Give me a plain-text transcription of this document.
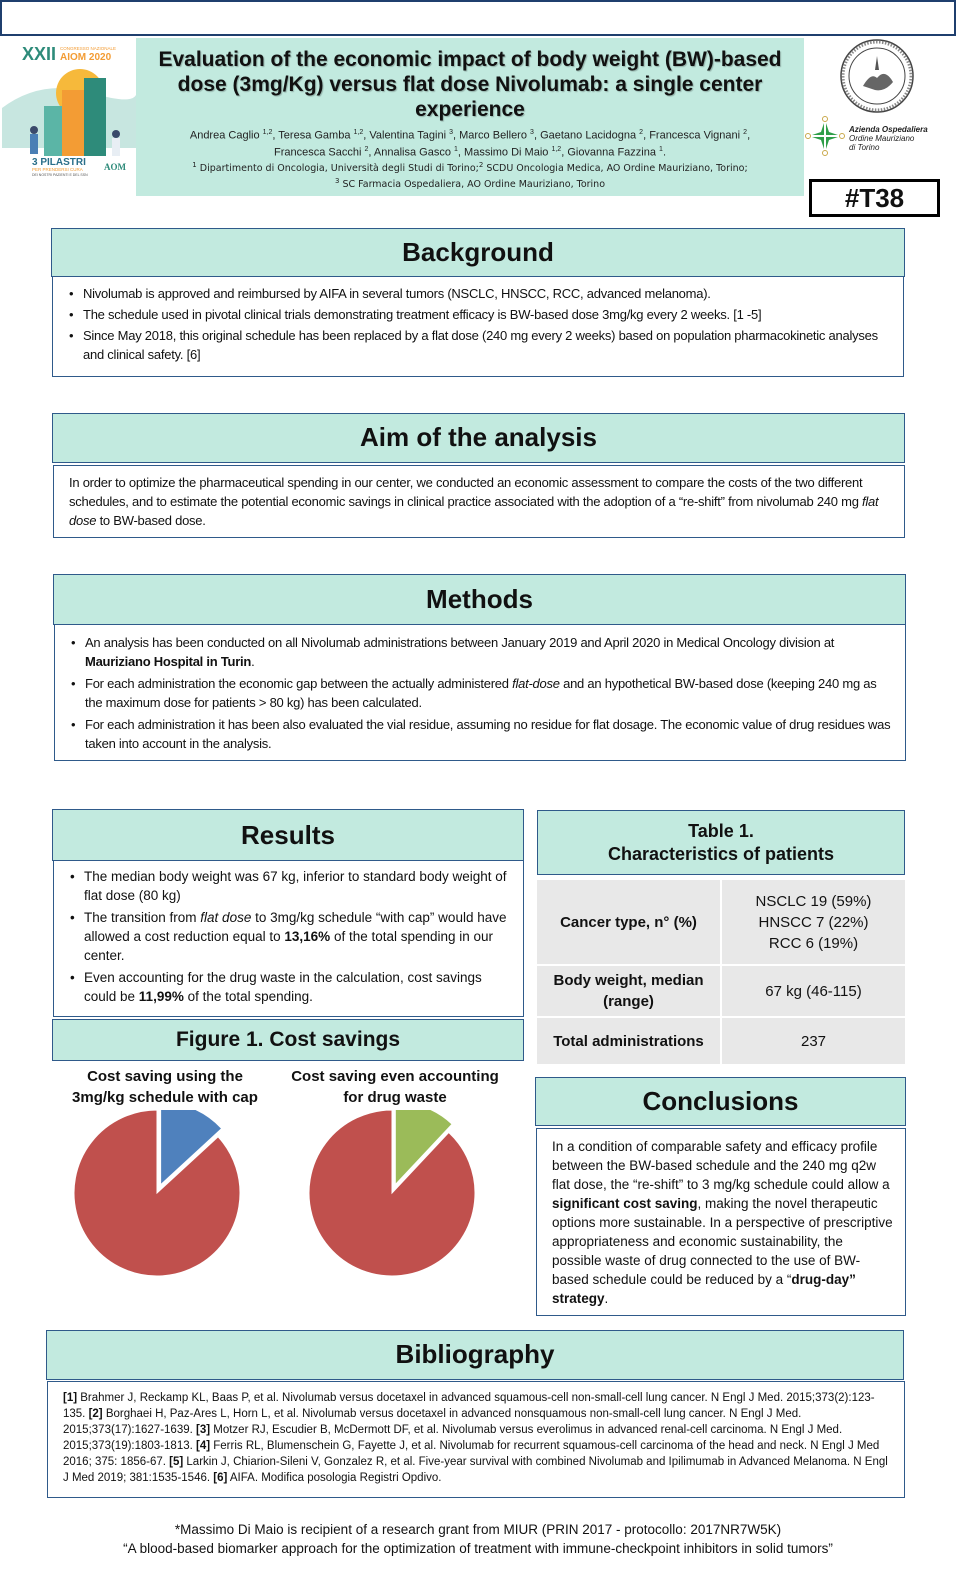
XXII CONGRESSO NAZIONALE
AIOM 2020
3 PILASTRI
PER PRENDERSI CURA
DEI NOSTRI PAZIENTI E DEL SSN
AOM
Evaluation of the economic impact of body weight (BW)-based dose (3mg/Kg) versus flat dose Nivolumab: a single center experience
Andrea Caglio $^{1,2}$, Teresa Gamba $^{1,2}$, Valentina Tagini $^3$, Marco Bellero $^3$, Gaetano Lacidogna $^2$, Francesca Vignani $^2$,
Francesca Sacchi $^2$, Annalisa Gasco $^1$, Massimo Di Maio $^{1,2}$, Giovanna Fazzina $^1$.
$^1$ Dipartimento di Oncologia, Università degli Studi di Torino;$^2$ SCDU Oncologia Medica, AO Ordine Mauriziano, Torino;
$^3$ SC Farmacia Ospedaliera, AO Ordine Mauriziano, Torino
Azienda Ospedaliera
Ordine Mauriziano
di Torino
#T38
Background
• Nivolumab is approved and reimbursed by AIFA in several tumors (NSCLC, HNSCC, RCC, advanced melanoma).
• The schedule used in pivotal clinical trials demonstrating treatment efficacy is BW-based dose 3mg/kg every 2 weeks. [1 -5]
• Since May 2018, this original schedule has been replaced by a flat dose (240 mg every 2 weeks) based on population pharmacokinetic analyses and clinical safety. [6]
Aim of the analysis

In order to optimize the pharmaceutical spending in our center, we conducted an economic assessment to compare the costs of the two different schedules, and to estimate the potential economic savings in clinical practice associated with the adoption of a “re-shift” from nivolumab 240 mg flat dose to BW-based dose.

Methods
• An analysis has been conducted on all Nivolumab administrations between January 2019 and April 2020 in Medical Oncology division at Mauriziano Hospital in Turin.
• For each administration the economic gap between the actually administered flat-dose and an hypothetical BW-based dose (keeping 240 mg as the maximum dose for patients > 80 kg) has been calculated.
• For each administration it has been also evaluated the vial residue, assuming no residue for flat dosage. The economic value of drug residues was taken into account in the analysis.
Results
• The median body weight was 67 kg, inferior to standard body weight of flat dose (80 kg)
• The transition from flat dose to 3mg/kg schedule “with cap” would have allowed a cost reduction equal to 13,16% of the total spending in our center.
• Even accounting for the drug waste in the calculation, cost savings could be 11,99% of the total spending.
Table 1.
Characteristics of patients
Cancer type, n° (%)	NSCLC 19 (59%)
HNSCC 7 (22%)
RCC 6 (19%)

Body weight, median (range)	67 kg (46-115)
Total administrations	237
Figure 1. Cost savings
Cost saving using the 3mg/kg schedule with cap
Cost saving even accounting for drug waste	Conclusions

In a condition of comparable safety and efficacy profile between the BW-based schedule and the 240 mg q2w flat dose, the “re-shift” to 3 mg/kg schedule could allow a significant cost saving, making the novel therapeutic options more sustainable. In a perspective of prescriptive appropriateness and economic sustainability, the possible waste of drug connected to the use of BW-based schedule could be reduced by a “drug-day” strategy.

Bibliography

[1] Brahmer J, Reckamp KL, Baas P, et al. Nivolumab versus docetaxel in advanced squamous-cell non-small-cell lung cancer. N Engl J Med. 2015;373(2):123-135. [2] Borghaei H, Paz-Ares L, Horn L, et al. Nivolumab versus docetaxel in advanced nonsquamous non-small-cell lung cancer. N Engl J Med. 2015;373(17):1627-1639. [3] Motzer RJ, Escudier B, McDermott DF, et al. Nivolumab versus everolimus in advanced renal-cell carcinoma. N Engl J Med. 2015;373(19):1803-1813. [4] Ferris RL, Blumenschein G, Fayette J, et al. Nivolumab for recurrent squamous-cell carcinoma of the head and neck. N Engl J Med 2016; 375: 1856-67. [5] Larkin J, Chiarion-Sileni V, Gonzalez R, et al. Five-year survival with combined Nivolumab and Ipilimumab in Advanced Melanoma. N Engl J Med 2019; 381:1535-1546. [6] AIFA. Modifica posologia Registri Opdivo.

*Massimo Di Maio is recipient of a research grant from MIUR (PRIN 2017 - protocollo: 2017NR7W5K)
“A blood-based biomarker approach for the optimization of treatment with immune-checkpoint inhibitors in solid tumors”
